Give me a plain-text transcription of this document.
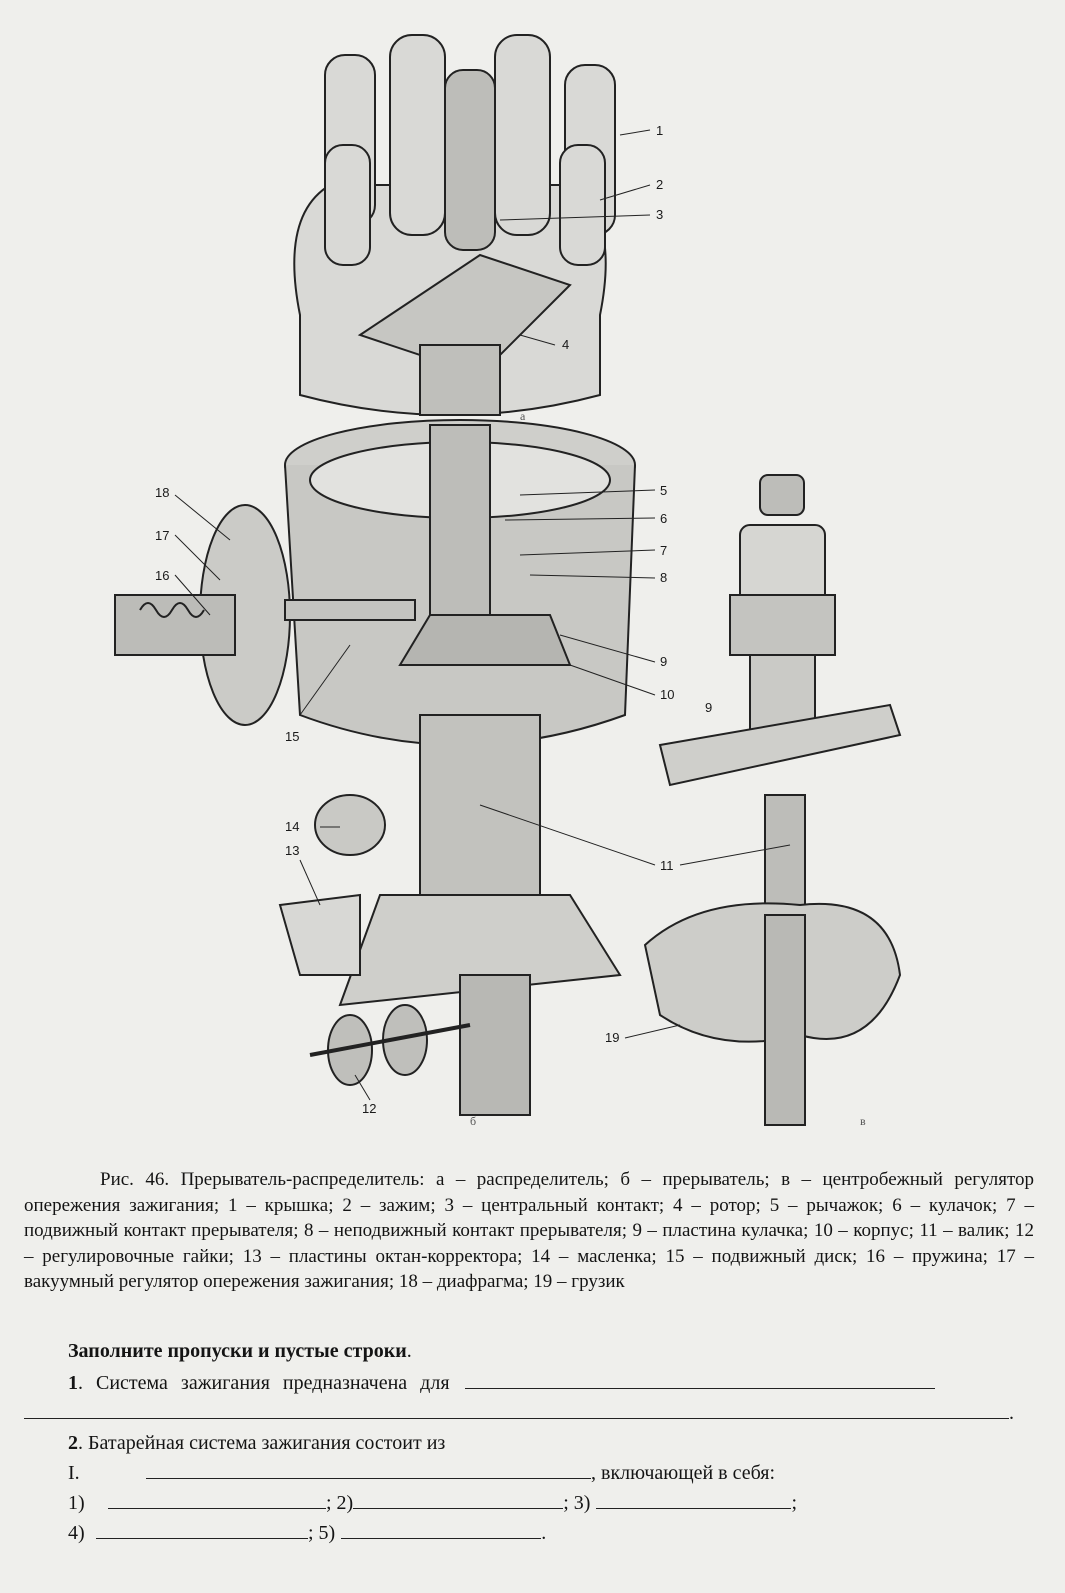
1
2
3
4
5
6
7
8
9
10
11
12
13
14
15
16
17
18
19
9
а
б	в
Рис. 46. Прерыватель-распределитель: а – распределитель; б – прерыватель; в – центробежный регулятор опережения зажигания; 1 – крышка; 2 – зажим; 3 – центральный контакт; 4 – ротор; 5 – рычажок; 6 – кулачок; 7 – подвижный контакт прерывателя; 8 – неподвижный контакт прерывателя; 9 – пластина кулачка; 10 – корпус; 11 – валик; 12 – регулировочные гайки; 13 – пластины октан-корректора; 14 – масленка; 15 – подвижный диск; 16 – пружина; 17 – вакуумный регулятор опережения зажигания; 18 – диафрагма; 19 – грузик
Заполните пропуски и пустые строки.
1. Система зажигания предназначена для
.
2. Батарейная система зажигания состоит из
I.	, включающей в себя:
1)	; 2)	; 3)	;
4)	; 5)	.
